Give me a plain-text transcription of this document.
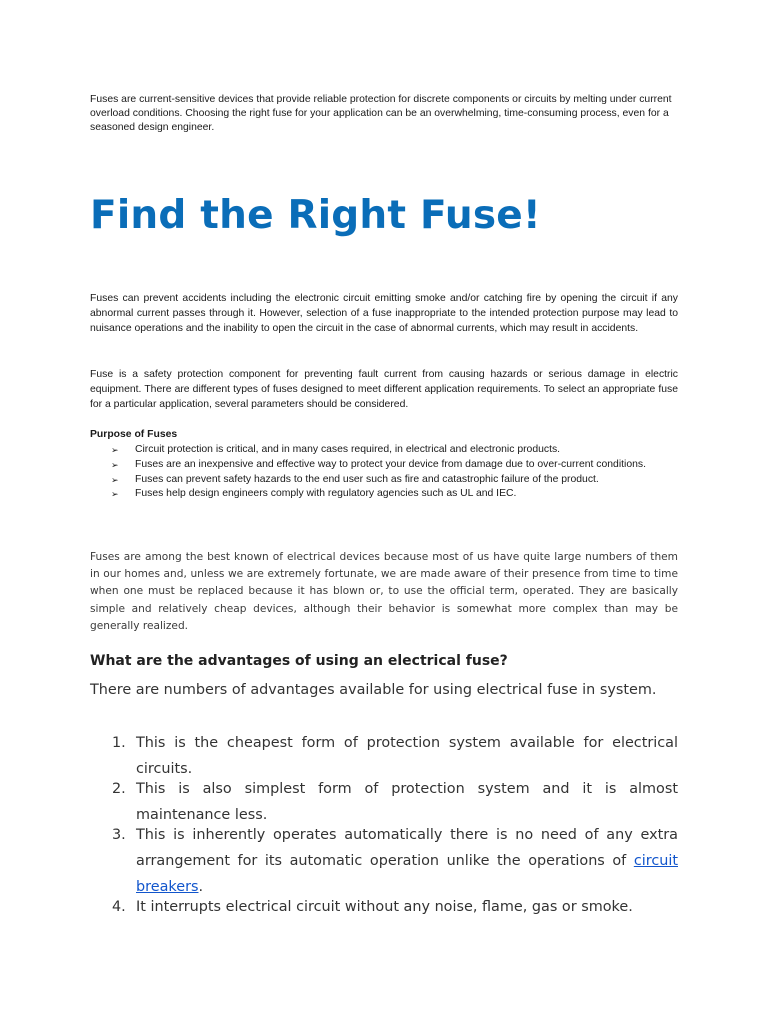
Fuses are current-sensitive devices that provide reliable protection for discrete components or circuits by melting under current overload conditions. Choosing the right fuse for your application can be an overwhelming, time-consuming process, even for a seasoned design engineer.

Find the Right Fuse!

Fuses can prevent accidents including the electronic circuit emitting smoke and/or catching fire by opening the circuit if any abnormal current passes through it. However, selection of a fuse inappropriate to the intended protection purpose may lead to nuisance operations and the inability to open the circuit in the case of abnormal currents, which may result in accidents.

Fuse is a safety protection component for preventing fault current from causing hazards or serious damage in electric equipment. There are different types of fuses designed to meet different application requirements. To select an appropriate fuse for a particular application, several parameters should be considered.

Purpose of Fuses

➢ Circuit protection is critical, and in many cases required, in electrical and electronic products.
➢ Fuses are an inexpensive and effective way to protect your device from damage due to over-current conditions.
➢ Fuses can prevent safety hazards to the end user such as fire and catastrophic failure of the product.
➢ Fuses help design engineers comply with regulatory agencies such as UL and IEC.

Fuses are among the best known of electrical devices because most of us have quite large numbers of them in our homes and, unless we are extremely fortunate, we are made aware of their presence from time to time when one must be replaced because it has blown or, to use the official term, operated. They are basically simple and relatively cheap devices, although their behavior is somewhat more complex than may be generally realized.

What are the advantages of using an electrical fuse?

There are numbers of advantages available for using electrical fuse in system.

1. This is the cheapest form of protection system available for electrical circuits.
2. This is also simplest form of protection system and it is almost maintenance less.
3. This is inherently operates automatically there is no need of any extra arrangement for its automatic operation unlike the operations of circuit breakers.
4. It interrupts electrical circuit without any noise, flame, gas or smoke.
